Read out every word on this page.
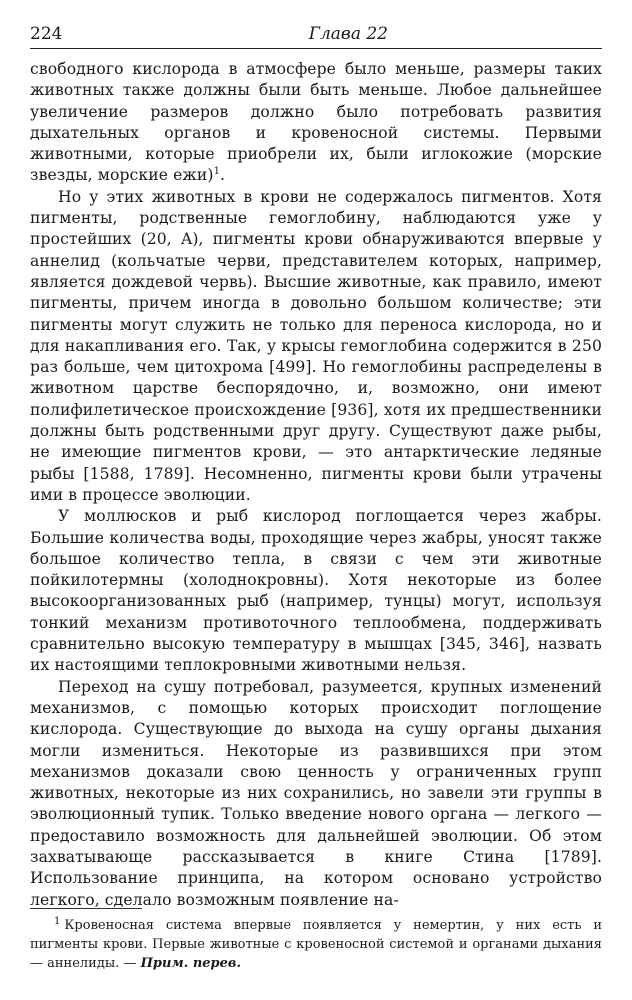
224	Глава 22

свободного кислорода в атмосфере было меньше, размеры таких животных также должны были быть меньше. Любое дальнейшее увеличение размеров должно было потребовать развития дыхательных органов и кровеносной системы. Первыми животными, которые приобрели их, были иглокожие (морские звезды, морские ежи)$^1$.

Но у этих животных в крови не содержалось пигментов. Хотя пигменты, родственные гемоглобину, наблюдаются уже у простейших (20, A), пигменты крови обнаруживаются впервые у аннелид (кольчатые черви, представителем которых, например, является дождевой червь). Высшие животные, как правило, имеют пигменты, причем иногда в довольно большом количестве; эти пигменты могут служить не только для переноса кислорода, но и для накапливания его. Так, у крысы гемоглобина содержится в 250 раз больше, чем цитохрома [499]. Но гемоглобины распределены в животном царстве беспорядочно, и, возможно, они имеют полифилетическое происхождение [936], хотя их предшественники должны быть родственными друг другу. Существуют даже рыбы, не имеющие пигментов крови, — это антарктические ледяные рыбы [1588, 1789]. Несомненно, пигменты крови были утрачены ими в процессе эволюции.

У моллюсков и рыб кислород поглощается через жабры. Большие количества воды, проходящие через жабры, уносят также большое количество тепла, в связи с чем эти животные пойкилотермны (холоднокровны). Хотя некоторые из более высокоорганизованных рыб (например, тунцы) могут, используя тонкий механизм противоточного теплообмена, поддерживать сравнительно высокую температуру в мышцах [345, 346], назвать их настоящими теплокровными животными нельзя.

Переход на сушу потребовал, разумеется, крупных изменений механизмов, с помощью которых происходит поглощение кислорода. Существующие до выхода на сушу органы дыхания могли измениться. Некоторые из развившихся при этом механизмов доказали свою ценность у ограниченных групп животных, некоторые из них сохранились, но завели эти группы в эволюционный тупик. Только введение нового органа — легкого — предоставило возможность для дальнейшей эволюции. Об этом захватывающе рассказывается в книге Стина [1789]. Использование принципа, на котором основано устройство легкого, сделало возможным появление на-

$^1$ Кровеносная система впервые появляется у немертин, у них есть и пигменты крови. Первые животные с кровеносной системой и органами дыхания — аннелиды. — Прим. перев.
